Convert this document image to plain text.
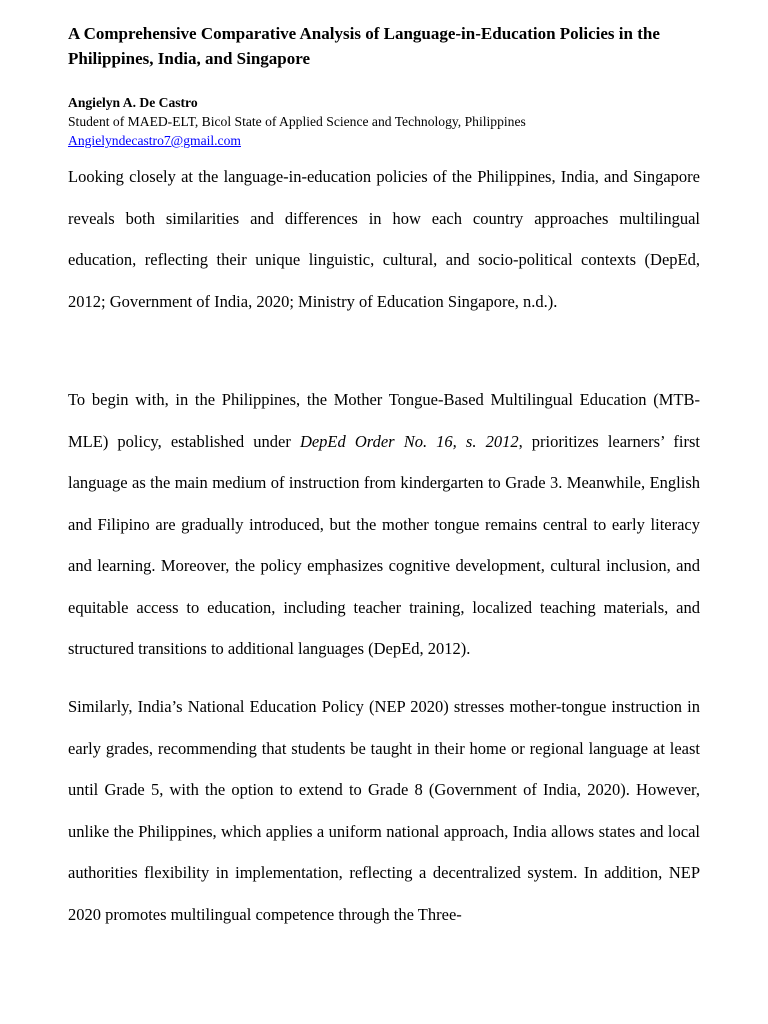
A Comprehensive Comparative Analysis of Language-in-Education Policies in the Philippines, India, and Singapore
Angielyn A. De Castro
Student of MAED-ELT, Bicol State of Applied Science and Technology, Philippines
Angielyndecastro7@gmail.com

Looking closely at the language-in-education policies of the Philippines, India, and Singapore reveals both similarities and differences in how each country approaches multilingual education, reflecting their unique linguistic, cultural, and socio-political contexts (DepEd, 2012; Government of India, 2020; Ministry of Education Singapore, n.d.).

To begin with, in the Philippines, the Mother Tongue-Based Multilingual Education (MTB-MLE) policy, established under DepEd Order No. 16, s. 2012, prioritizes learners’ first language as the main medium of instruction from kindergarten to Grade 3. Meanwhile, English and Filipino are gradually introduced, but the mother tongue remains central to early literacy and learning. Moreover, the policy emphasizes cognitive development, cultural inclusion, and equitable access to education, including teacher training, localized teaching materials, and structured transitions to additional languages (DepEd, 2012).

Similarly, India’s National Education Policy (NEP 2020) stresses mother-tongue instruction in early grades, recommending that students be taught in their home or regional language at least until Grade 5, with the option to extend to Grade 8 (Government of India, 2020). However, unlike the Philippines, which applies a uniform national approach, India allows states and local authorities flexibility in implementation, reflecting a decentralized system. In addition, NEP 2020 promotes multilingual competence through the Three-
